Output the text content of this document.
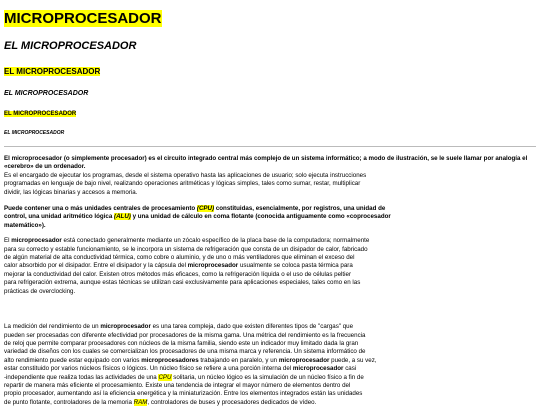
MICROPROCESADOR
EL MICROPROCESADOR
EL MICROPROCESADOR
EL MICROPROCESADOR
EL MICROPROCESADOR
EL MICROPROCESADOR

El microprocesador (o simplemente procesador) es el circuito integrado central más complejo de un sistema informático; a modo de ilustración, se le suele llamar por analogía el «cerebro» de un ordenador.
Es el encargado de ejecutar los programas, desde el sistema operativo hasta las aplicaciones de usuario; solo ejecuta instrucciones
programadas en lenguaje de bajo nivel, realizando operaciones aritméticas y lógicas simples, tales como sumar, restar, multiplicar
dividir, las lógicas binarias y accesos a memoria.

Puede contener una o más unidades centrales de procesamiento (CPU) constituidas, esencialmente, por registros, una unidad de
control, una unidad aritmético lógica (ALU) y una unidad de cálculo en coma flotante (conocida antiguamente como «coprocesador
matemático»).

El microprocesador está conectado generalmente mediante un zócalo específico de la placa base de la computadora; normalmente
para su correcto y estable funcionamiento, se le incorpora un sistema de refrigeración que consta de un disipador de calor, fabricado
de algún material de alta conductividad térmica, como cobre o aluminio, y de uno o más ventiladores que eliminan el exceso del
calor absorbido por el disipador. Entre el disipador y la cápsula del microprocesador usualmente se coloca pasta térmica para
mejorar la conductividad del calor. Existen otros métodos más eficaces, como la refrigeración líquida o el uso de células peltier
para refrigeración extrema, aunque estas técnicas se utilizan casi exclusivamente para aplicaciones especiales, tales como en las
prácticas de overclocking.

La medición del rendimiento de un microprocesador es una tarea compleja, dado que existen diferentes tipos de "cargas" que
pueden ser procesadas con diferente efectividad por procesadores de la misma gama. Una métrica del rendimiento es la frecuencia
de reloj que permite comparar procesadores con núcleos de la misma familia, siendo este un indicador muy limitado dada la gran
variedad de diseños con los cuales se comercializan los procesadores de una misma marca y referencia. Un sistema informático de
alto rendimiento puede estar equipado con varios microprocesadores trabajando en paralelo, y un microprocesador puede, a su vez,
estar constituido por varios núcleos físicos o lógicos. Un núcleo físico se refiere a una porción interna del microprocesador casi
-independiente que realiza todas las actividades de una CPU solitaria, un núcleo lógico es la simulación de un núcleo físico a fin de
repartir de manera más eficiente el procesamiento. Existe una tendencia de integrar el mayor número de elementos dentro del
propio procesador, aumentando así la eficiencia energética y la miniaturización. Entre los elementos integrados están las unidades
de punto flotante, controladores de la memoria RAM, controladores de buses y procesadores dedicados de vídeo.
